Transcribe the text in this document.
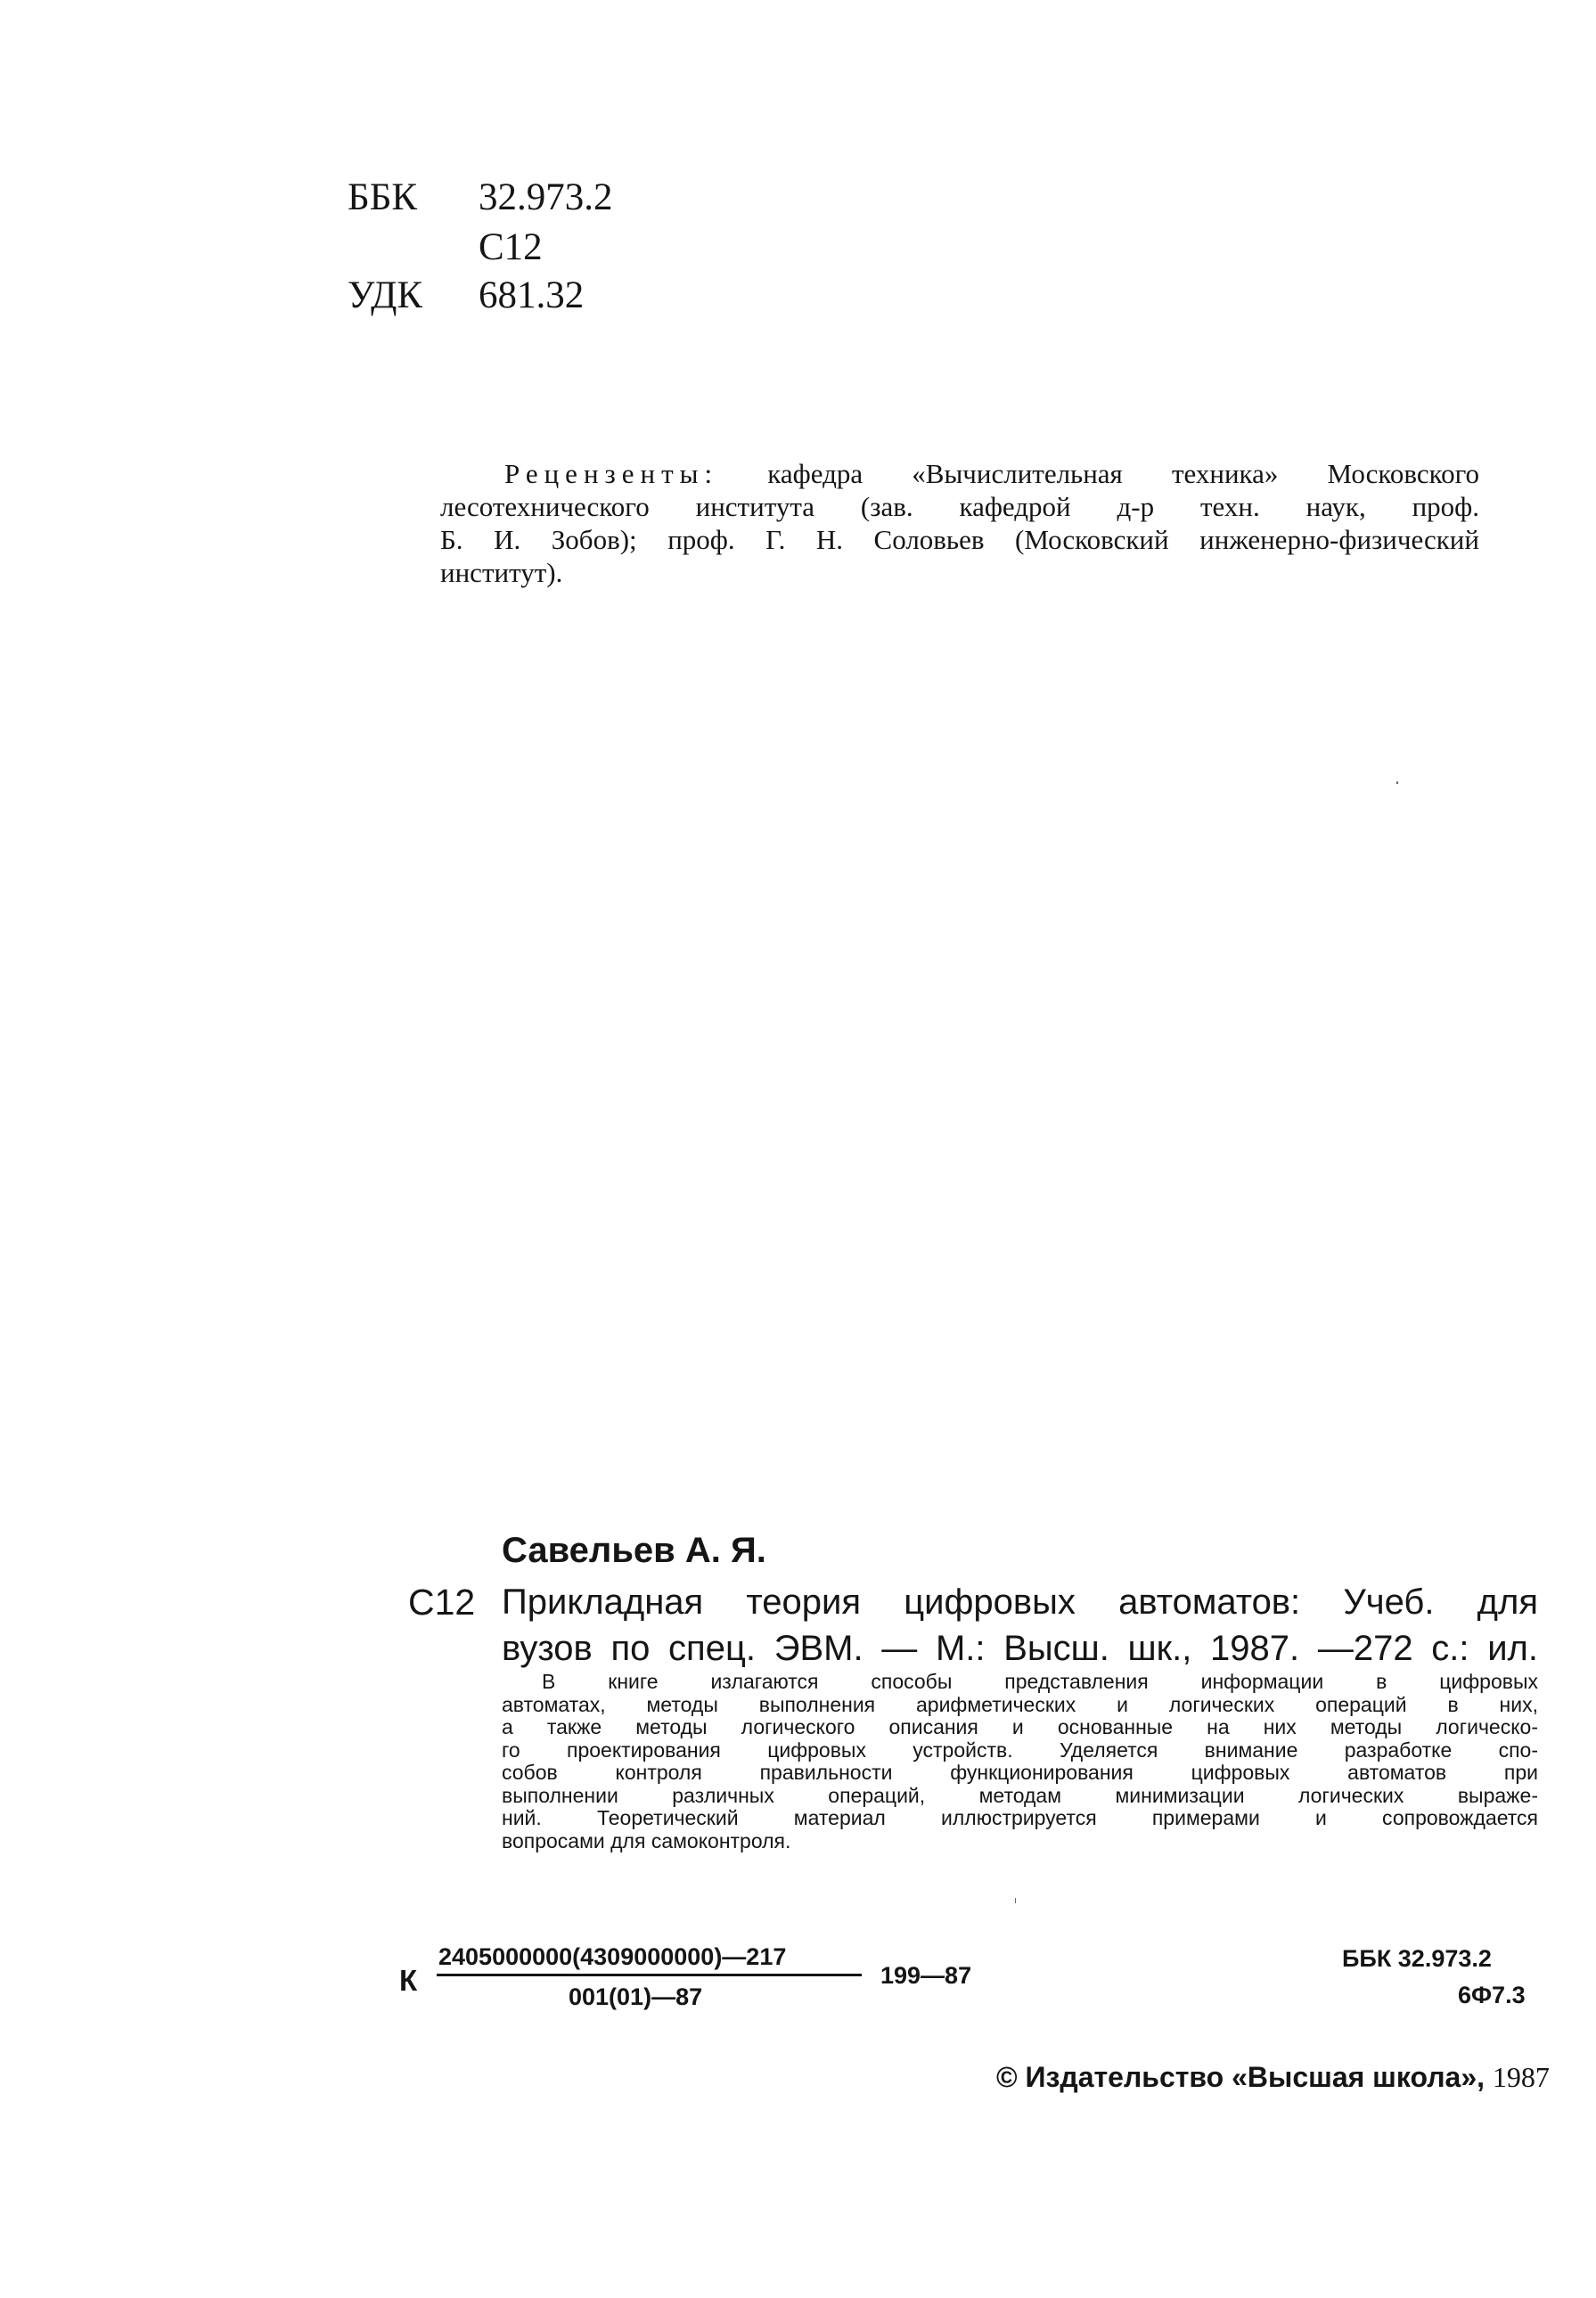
ББК 32.973.2
С12
УДК 681.32
Рецензенты: кафедра «Вычислительная техника» Московского
лесотехнического института (зав. кафедрой д-р техн. наук, проф.
Б. И. Зобов); проф. Г. Н. Соловьев (Московский инженерно-физический
институт).
Савельев А. Я.
С12 Прикладная теория цифровых автоматов: Учеб. для
вузов по спец. ЭВМ. — М.: Высш. шк., 1987. —272 с.: ил.
В книге излагаются способы представления информации в цифровых
автоматах, методы выполнения арифметических и логических операций в них,
а также методы логического описания и основанные на них методы логическо-
го проектирования цифровых устройств. Уделяется внимание разработке спо-
собов контроля правильности функционирования цифровых автоматов при
выполнении различных операций, методам минимизации логических выраже-
ний. Теоретический материал иллюстрируется примерами и сопровождается
вопросами для самоконтроля.
К
2405000000(4309000000)—217
001(01)—87
199—87
ББК 32.973.2
6Ф7.3
© Издательство «Высшая школа», 1987
